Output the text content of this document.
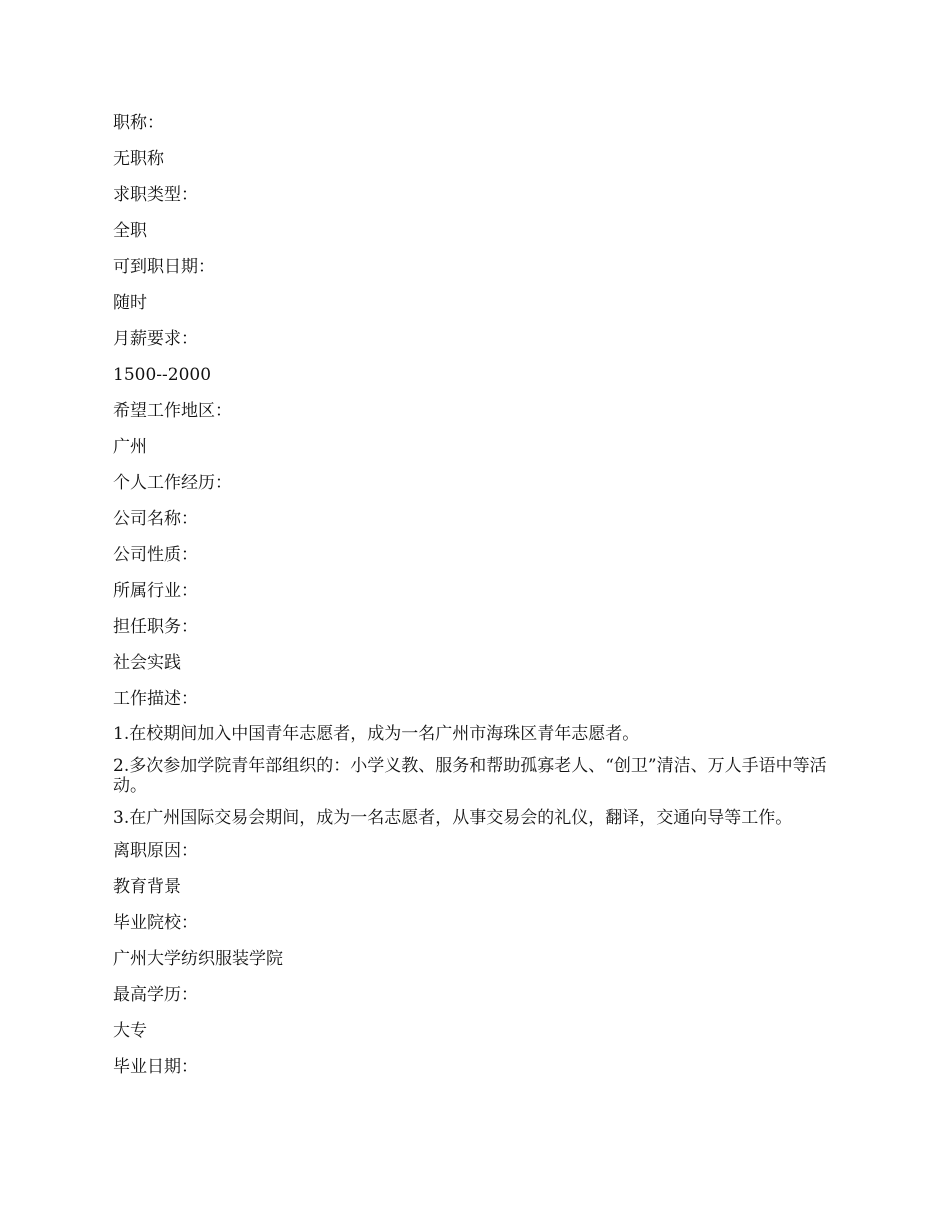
职称：
无职称
求职类型：
全职
可到职日期：
随时
月薪要求：
1500--2000
希望工作地区：
广州
个人工作经历：
公司名称：
公司性质：
所属行业：
担任职务：
社会实践
工作描述：
1.在校期间加入中国青年志愿者，成为一名广州市海珠区青年志愿者。
2.多次参加学院青年部组织的：小学义教、服务和帮助孤寡老人、“创卫”清洁、万人手语中等活动。
3.在广州国际交易会期间，成为一名志愿者，从事交易会的礼仪，翻译，交通向导等工作。
离职原因：
教育背景
毕业院校：
广州大学纺织服装学院
最高学历：
大专
毕业日期：
